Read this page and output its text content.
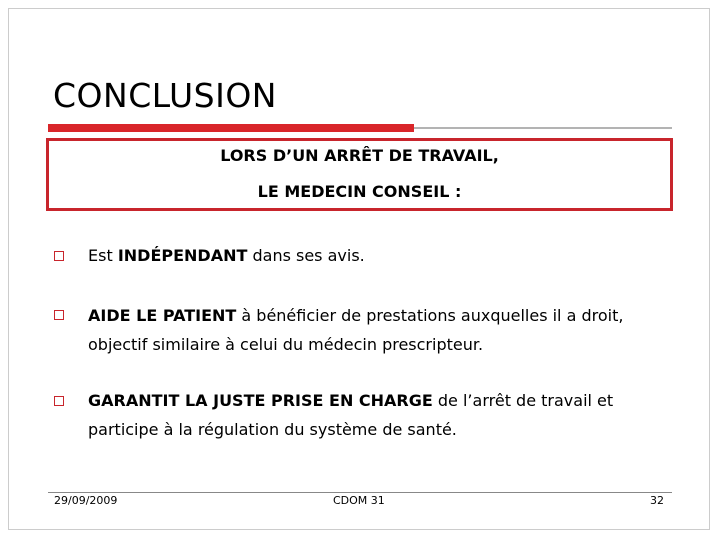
CONCLUSION
LORS D’UN ARRÊT DE TRAVAIL,
LE MEDECIN CONSEIL :
Est INDÉPENDANT dans ses avis.
AIDE LE PATIENT à bénéficier de prestations auxquelles il a droit, objectif similaire à celui du médecin prescripteur.
GARANTIT LA JUSTE PRISE EN CHARGE de l’arrêt de travail et participe à la régulation du système de santé.
29/09/2009	CDOM 31	32
